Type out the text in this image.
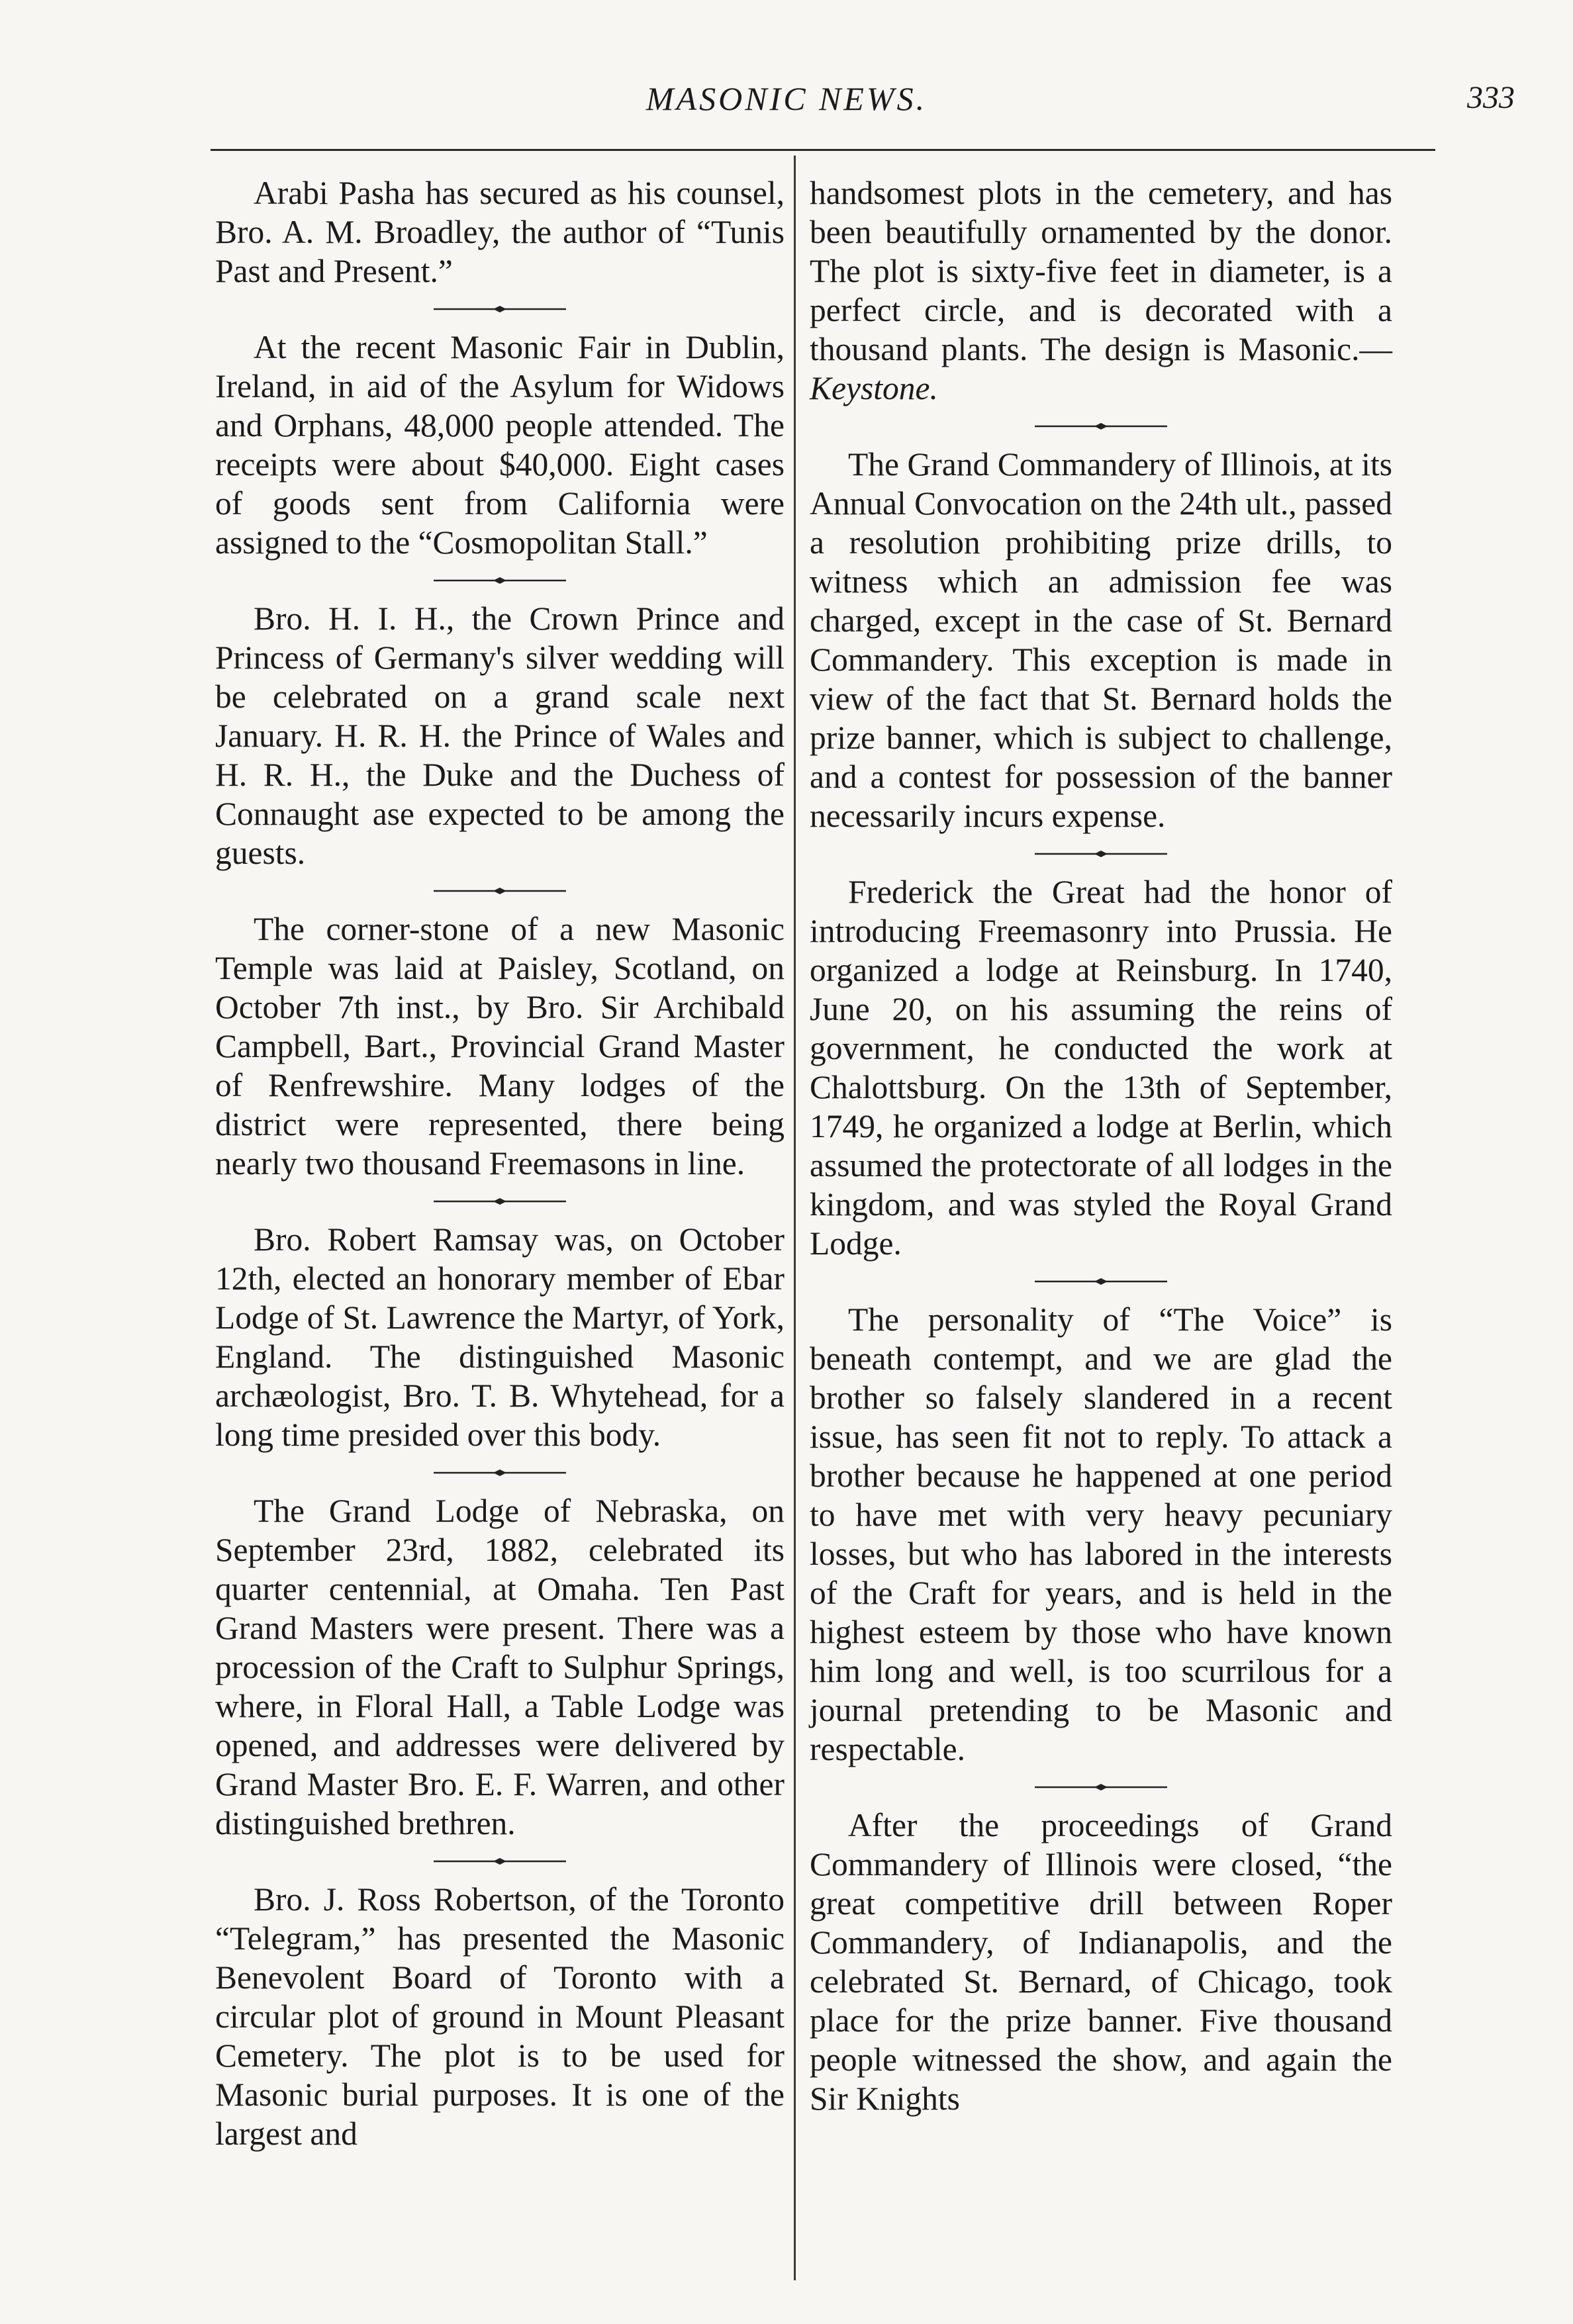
MASONIC NEWS.	333

Arabi Pasha has secured as his counsel, Bro. A. M. Broadley, the author of “Tunis Past and Present.”

At the recent Masonic Fair in Dublin, Ireland, in aid of the Asylum for Widows and Orphans, 48,000 people attended. The receipts were about $40,000. Eight cases of goods sent from California were assigned to the “Cosmopolitan Stall.”

Bro. H. I. H., the Crown Prince and Princess of Germany's silver wedding will be celebrated on a grand scale next January. H. R. H. the Prince of Wales and H. R. H., the Duke and the Duchess of Connaught ase expected to be among the guests.

The corner-stone of a new Masonic Temple was laid at Paisley, Scotland, on October 7th inst., by Bro. Sir Archibald Campbell, Bart., Provincial Grand Master of Renfrewshire. Many lodges of the district were represented, there being nearly two thousand Freemasons in line.

Bro. Robert Ramsay was, on October 12th, elected an honorary member of Ebar Lodge of St. Lawrence the Martyr, of York, England. The distinguished Masonic archæologist, Bro. T. B. Whytehead, for a long time presided over this body.

The Grand Lodge of Nebraska, on September 23rd, 1882, celebrated its quarter centennial, at Omaha. Ten Past Grand Masters were present. There was a procession of the Craft to Sulphur Springs, where, in Floral Hall, a Table Lodge was opened, and addresses were delivered by Grand Master Bro. E. F. Warren, and other distinguished brethren.

Bro. J. Ross Robertson, of the Toronto “Telegram,” has presented the Masonic Benevolent Board of Toronto with a circular plot of ground in Mount Pleasant Cemetery. The plot is to be used for Masonic burial purposes. It is one of the largest and

handsomest plots in the cemetery, and has been beautifully ornamented by the donor. The plot is sixty-five feet in diameter, is a perfect circle, and is decorated with a thousand plants. The design is Masonic.— Keystone.

The Grand Commandery of Illinois, at its Annual Convocation on the 24th ult., passed a resolution prohibiting prize drills, to witness which an admission fee was charged, except in the case of St. Bernard Commandery. This exception is made in view of the fact that St. Bernard holds the prize banner, which is subject to challenge, and a contest for possession of the banner necessarily incurs expense.

Frederick the Great had the honor of introducing Freemasonry into Prussia. He organized a lodge at Reinsburg. In 1740, June 20, on his assuming the reins of government, he conducted the work at Chalottsburg. On the 13th of September, 1749, he organized a lodge at Berlin, which assumed the protectorate of all lodges in the kingdom, and was styled the Royal Grand Lodge.

The personality of “The Voice” is beneath contempt, and we are glad the brother so falsely slandered in a recent issue, has seen fit not to reply. To attack a brother because he happened at one period to have met with very heavy pecuniary losses, but who has labored in the interests of the Craft for years, and is held in the highest esteem by those who have known him long and well, is too scurrilous for a journal pretending to be Masonic and respectable.

After the proceedings of Grand Commandery of Illinois were closed, “the great competitive drill between Roper Commandery, of Indianapolis, and the celebrated St. Bernard, of Chicago, took place for the prize banner. Five thousand people witnessed the show, and again the Sir Knights
